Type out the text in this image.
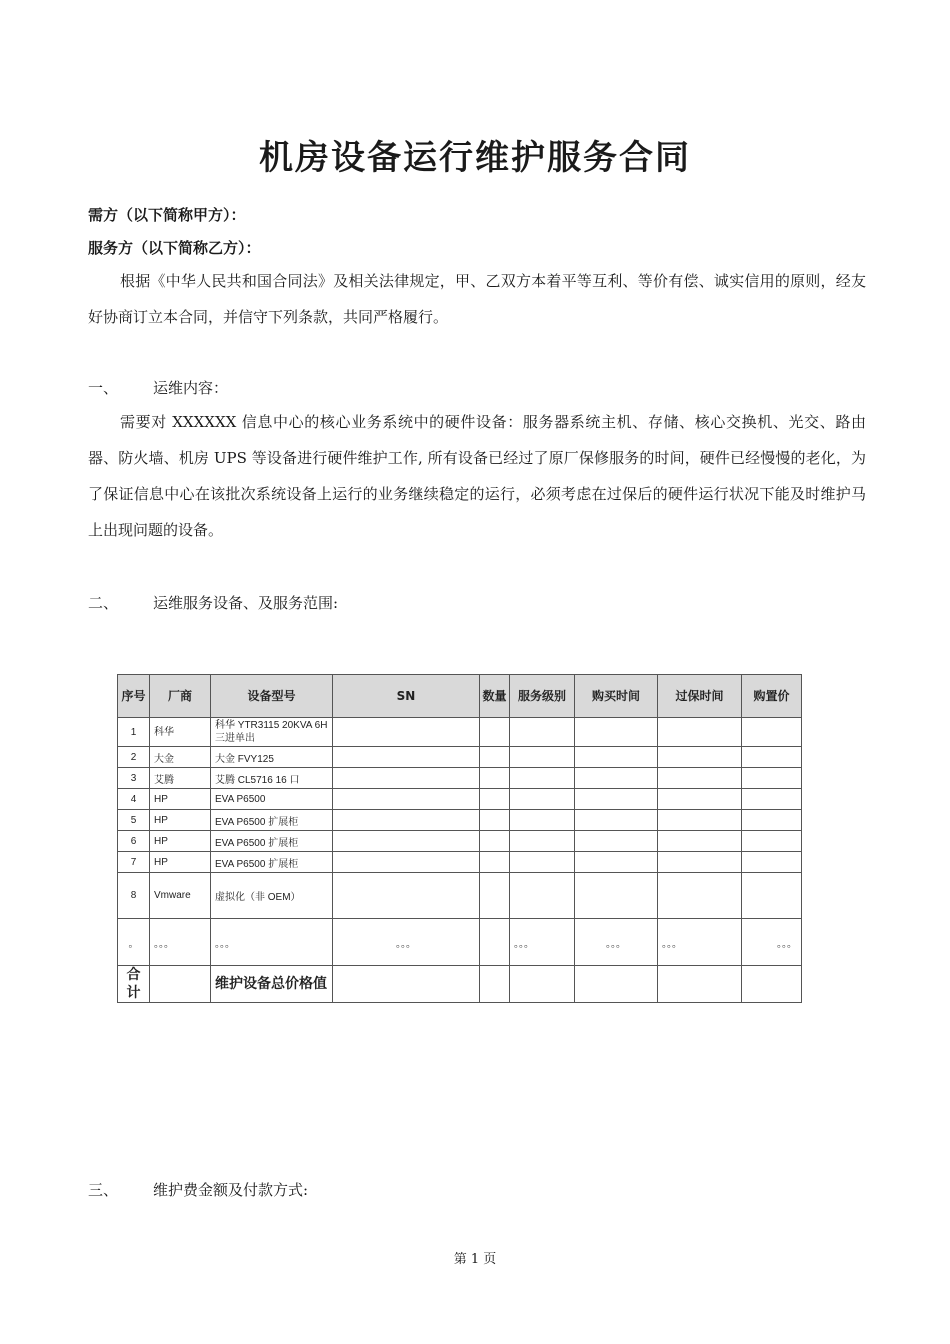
机房设备运行维护服务合同
需方（以下简称甲方）：
服务方（以下简称乙方）：
根据《中华人民共和国合同法》及相关法律规定，甲、乙双方本着平等互利、等价有偿、诚实信用的原则，经友好协商订立本合同，并信守下列条款，共同严格履行。
一、 运维内容：
需要对 XXXXXX 信息中心的核心业务系统中的硬件设备：服务器系统主机、存储、核心交换机、光交、路由器、防火墙、机房 UPS 等设备进行硬件维护工作, 所有设备已经过了原厂保修服务的时间，硬件已经慢慢的老化，为了保证信息中心在该批次系统设备上运行的业务继续稳定的运行，必须考虑在过保后的硬件运行状况下能及时维护马上出现问题的设备。
二、 运维服务设备、及服务范围:
序号	厂商	设备型号	SN	数量	服务级别	购买时间	过保时间	购置价
1	科华	科华 YTR3115 20KVA 6H 三进单出						
2	大金	大金 FVY125						
3	艾腾	艾腾 CL5716 16 口						
4	HP	EVA P6500						
5	HP	EVA P6500 扩展柜						
6	HP	EVA P6500 扩展柜						
7	HP	EVA P6500 扩展柜						
8	Vmware	虚拟化（非 OEM）						
。	。。。	。。。	。。。		。。。	。。。	。。。	。。。
合计		维护设备总价格值						
三、 维护费金额及付款方式:
第 1 页
